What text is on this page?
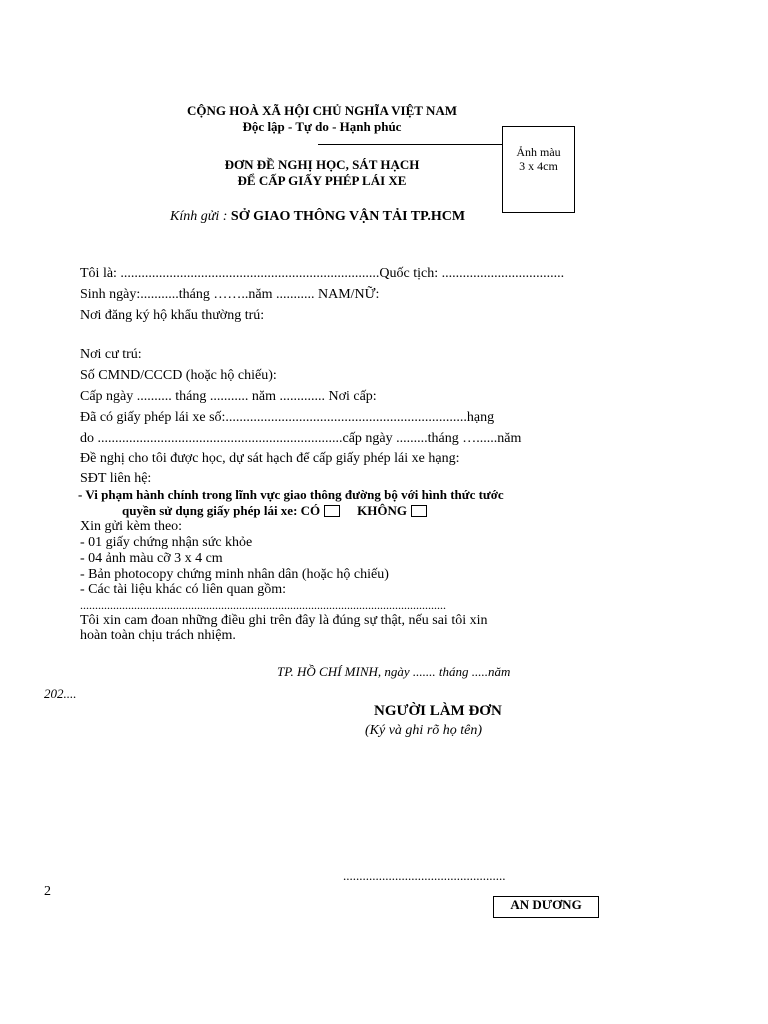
CỘNG HOÀ XÃ HỘI CHỦ NGHĨA VIỆT NAM
Độc lập - Tự do - Hạnh phúc
ĐƠN ĐỀ NGHỊ HỌC, SÁT HẠCH
ĐỂ CẤP GIẤY PHÉP LÁI XE
Ảnh màu
3 x 4cm
Kính gửi : SỞ GIAO THÔNG VẬN TẢI TP.HCM
Tôi là: ..........................................................................Quốc tịch: ...................................
Sinh ngày:...........tháng ……..năm ........... NAM/NỮ:
Nơi đăng ký hộ khẩu thường trú:
Nơi cư trú:
Số CMND/CCCD (hoặc hộ chiếu):
Cấp ngày .......... tháng ........... năm ............. Nơi cấp:
Đã có giấy phép lái xe số:.....................................................................hạng
do ......................................................................cấp ngày .........tháng …......năm
Đề nghị cho tôi được học, dự sát hạch để cấp giấy phép lái xe hạng:
SĐT liên hệ:
- Vi phạm hành chính trong lĩnh vực giao thông đường bộ với hình thức tước
quyền sử dụng giấy phép lái xe: CÓ	KHÔNG
Xin gửi kèm theo:
- 01 giấy chứng nhận sức khỏe
- 04 ảnh màu cỡ 3 x 4 cm
- Bản photocopy chứng minh nhân dân (hoặc hộ chiếu)
- Các tài liệu khác có liên quan gồm:
..........................................................................................................................
Tôi xin cam đoan những điều ghi trên đây là đúng sự thật, nếu sai tôi xin
hoàn toàn chịu trách nhiệm.
TP. HỒ CHÍ MINH, ngày ....... tháng .....năm
202....
NGƯỜI LÀM ĐƠN
(Ký và ghi rõ họ tên)
..................................................
2
AN DƯƠNG
